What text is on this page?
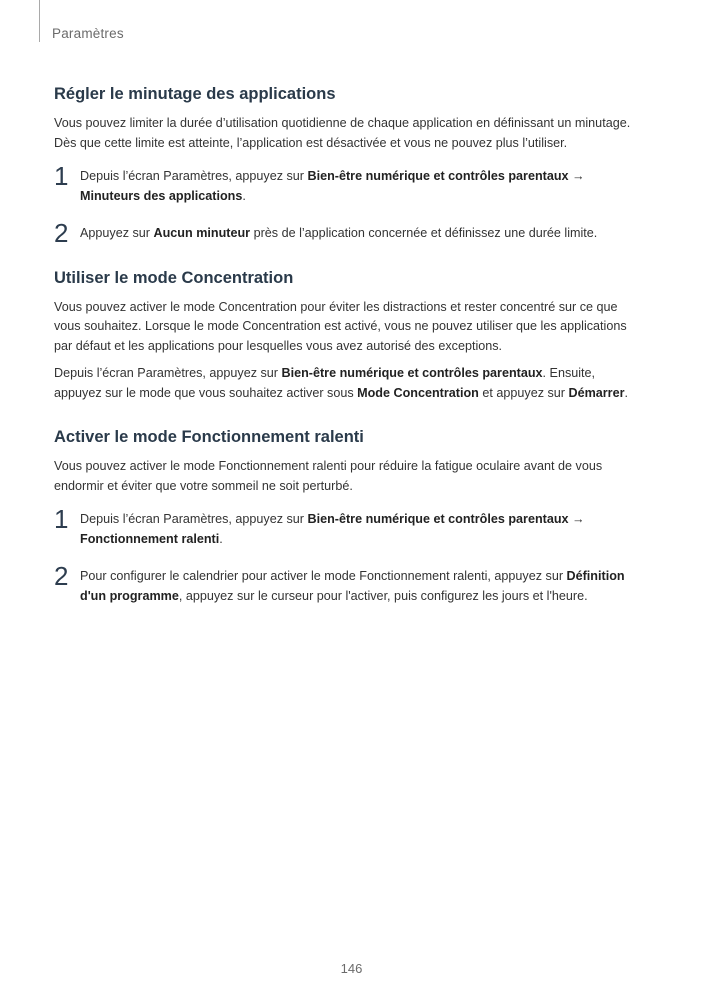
Paramètres
Régler le minutage des applications

Vous pouvez limiter la durée d’utilisation quotidienne de chaque application en définissant un minutage. Dès que cette limite est atteinte, l’application est désactivée et vous ne pouvez plus l’utiliser.

1 Depuis l’écran Paramètres, appuyez sur Bien-être numérique et contrôles parentaux → Minuteurs des applications.
2 Appuyez sur Aucun minuteur près de l’application concernée et définissez une durée limite.
Utiliser le mode Concentration

Vous pouvez activer le mode Concentration pour éviter les distractions et rester concentré sur ce que vous souhaitez. Lorsque le mode Concentration est activé, vous ne pouvez utiliser que les applications par défaut et les applications pour lesquelles vous avez autorisé des exceptions.

Depuis l’écran Paramètres, appuyez sur Bien-être numérique et contrôles parentaux. Ensuite, appuyez sur le mode que vous souhaitez activer sous Mode Concentration et appuyez sur Démarrer.

Activer le mode Fonctionnement ralenti

Vous pouvez activer le mode Fonctionnement ralenti pour réduire la fatigue oculaire avant de vous endormir et éviter que votre sommeil ne soit perturbé.

1 Depuis l’écran Paramètres, appuyez sur Bien-être numérique et contrôles parentaux → Fonctionnement ralenti.
2 Pour configurer le calendrier pour activer le mode Fonctionnement ralenti, appuyez sur Définition d'un programme, appuyez sur le curseur pour l'activer, puis configurez les jours et l'heure.
146
